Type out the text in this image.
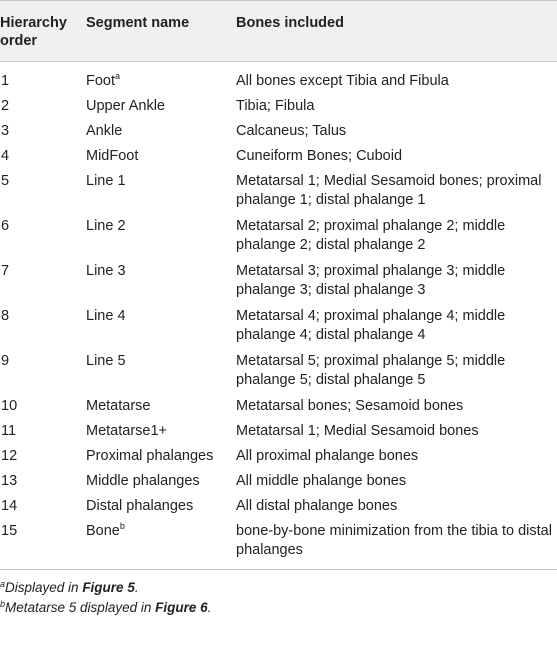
Hierarchy order	Segment name	Bones included
1	Foot$^a$	All bones except Tibia and Fibula
2	Upper Ankle	Tibia; Fibula
3	Ankle	Calcaneus; Talus
4	MidFoot	Cuneiform Bones; Cuboid
5	Line 1	Metatarsal 1; Medial Sesamoid bones; proximal phalange 1; distal phalange 1
6	Line 2	Metatarsal 2; proximal phalange 2; middle phalange 2; distal phalange 2
7	Line 3	Metatarsal 3; proximal phalange 3; middle phalange 3; distal phalange 3
8	Line 4	Metatarsal 4; proximal phalange 4; middle phalange 4; distal phalange 4
9	Line 5	Metatarsal 5; proximal phalange 5; middle phalange 5; distal phalange 5
10	Metatarse	Metatarsal bones; Sesamoid bones
11	Metatarse1+	Metatarsal 1; Medial Sesamoid bones
12	Proximal phalanges	All proximal phalange bones
13	Middle phalanges	All middle phalange bones
14	Distal phalanges	All distal phalange bones
15	Bone$^b$	bone-by-bone minimization from the tibia to distal phalanges
$^a$Displayed in Figure 5.
$^b$Metatarse 5 displayed in Figure 6.
